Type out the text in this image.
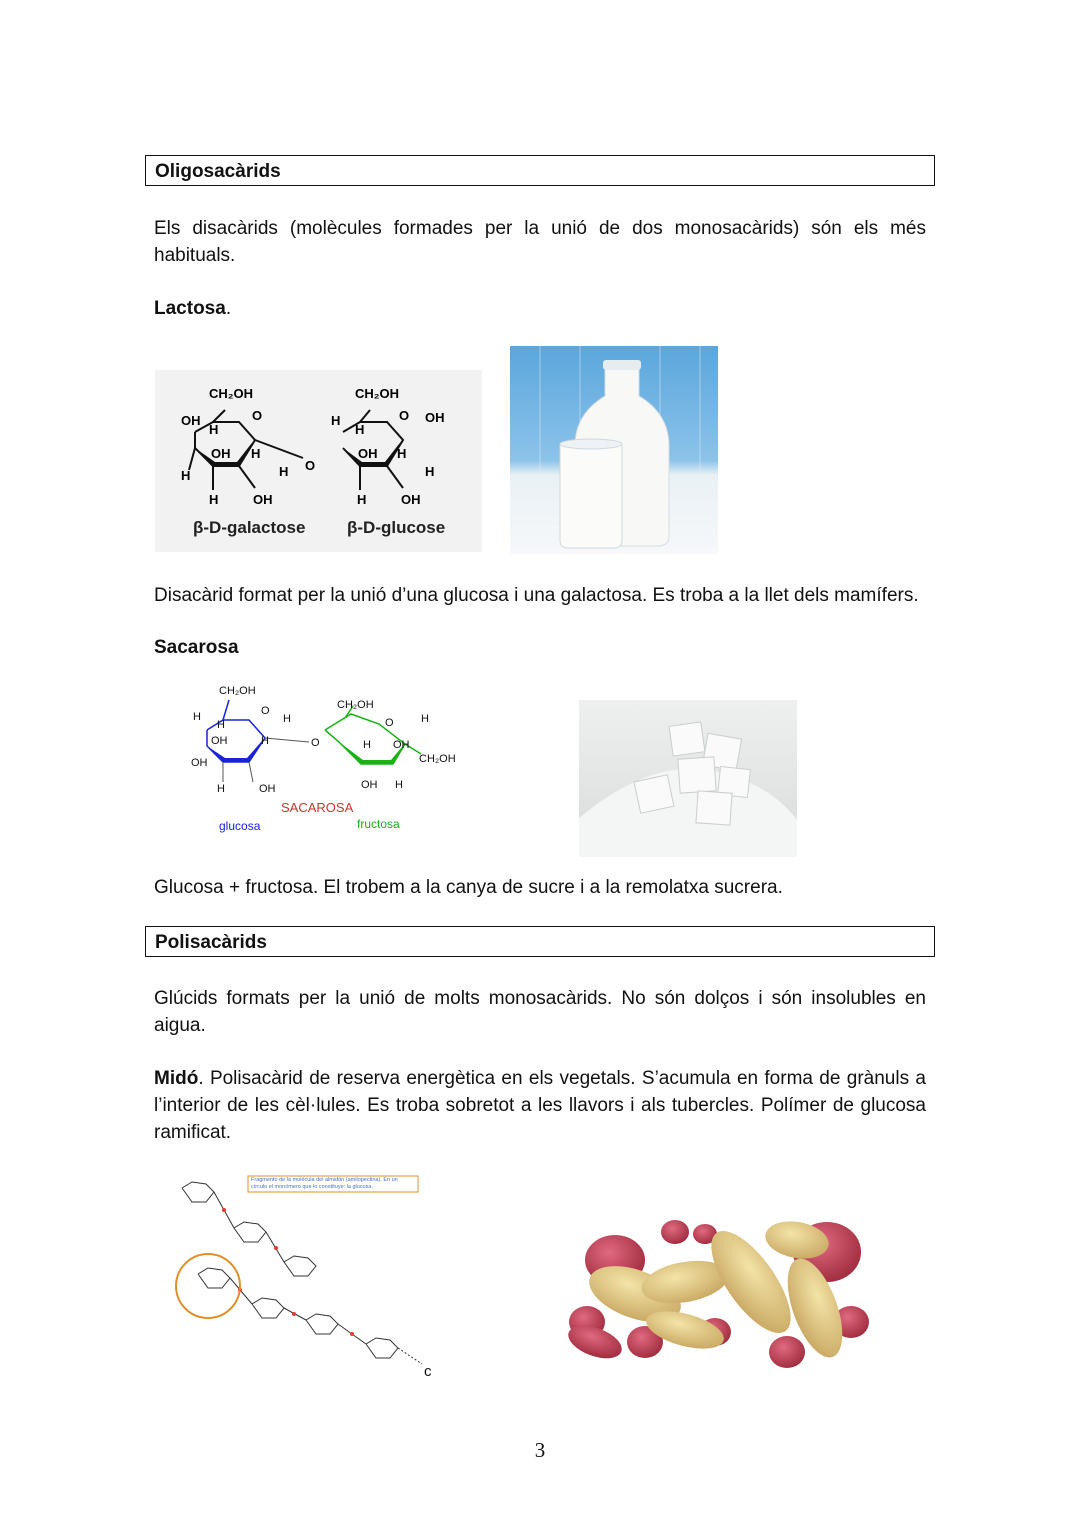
Oligosacàrids
Els disacàrids (molècules formades per la unió de dos monosacàrids) són els més habituals.
Lactosa.
CH₂OH	CH₂OH
OH	O
H
OH H
H	H O
H
H
O OH
OH H
H
H	OH	H	OH
β-D-galactose β-D-glucose
Disacàrid format per la unió d’una glucosa i una galactosa. Es troba a la llet dels mamífers.
Sacarosa
CH₂OH
H
H
O
H
OH	H
OH
H	OH
O
CH₂OH
O H
H OH
CH₂OH
OH H
SACAROSA
glucosa	fructosa
Glucosa + fructosa. El trobem a la canya de sucre i a la remolatxa sucrera.
Polisacàrids
Glúcids formats per la unió de molts monosacàrids. No són dolços i són insolubles en aigua.
Midó. Polisacàrid de reserva energètica en els vegetals. S’acumula en forma de grànuls a l’interior de les cèl·lules. Es troba sobretot a les llavors i als tubercles. Polímer de glucosa ramificat.
Fragmento de la molécula del almidón (amilopectina). En un círculo el monómero que lo constituye: la glucosa.
c
3
